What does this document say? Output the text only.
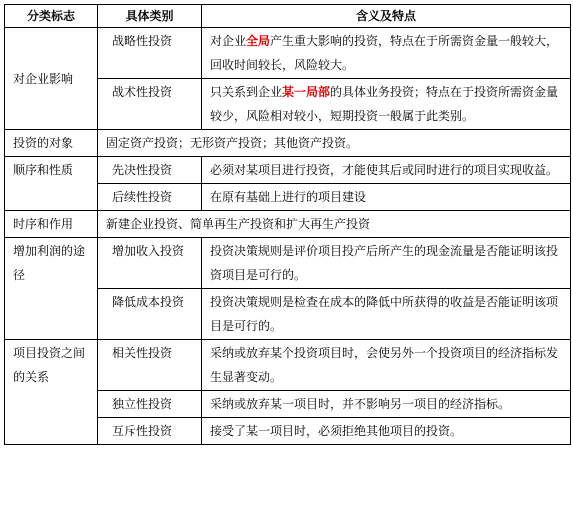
分类标志	具体类别	含义及特点
对企业影响	战略性投资	对企业全局产生重大影响的投资，特点在于所需资金量一般较大，回收时间较长，风险较大。
	战术性投资	只关系到企业某一局部的具体业务投资；特点在于投资所需资金量较少，风险相对较小，短期投资一般属于此类别。
投资的对象	固定资产投资；无形资产投资；其他资产投资。	
顺序和性质	先决性投资	必须对某项目进行投资，才能使其后或同时进行的项目实现收益。
	后续性投资	在原有基础上进行的项目建设
时序和作用	新建企业投资、简单再生产投资和扩大再生产投资	
增加利润的途径	增加收入投资	投资决策规则是评价项目投产后所产生的现金流量是否能证明该投资项目是可行的。
	降低成本投资	投资决策规则是检查在成本的降低中所获得的收益是否能证明该项目是可行的。
项目投资之间的关系	相关性投资	采纳或放弃某个投资项目时，会使另外一个投资项目的经济指标发生显著变动。
	独立性投资	采纳或放弃某一项目时，并不影响另一项目的经济指标。
	互斥性投资	接受了某一项目时，必须拒绝其他项目的投资。
